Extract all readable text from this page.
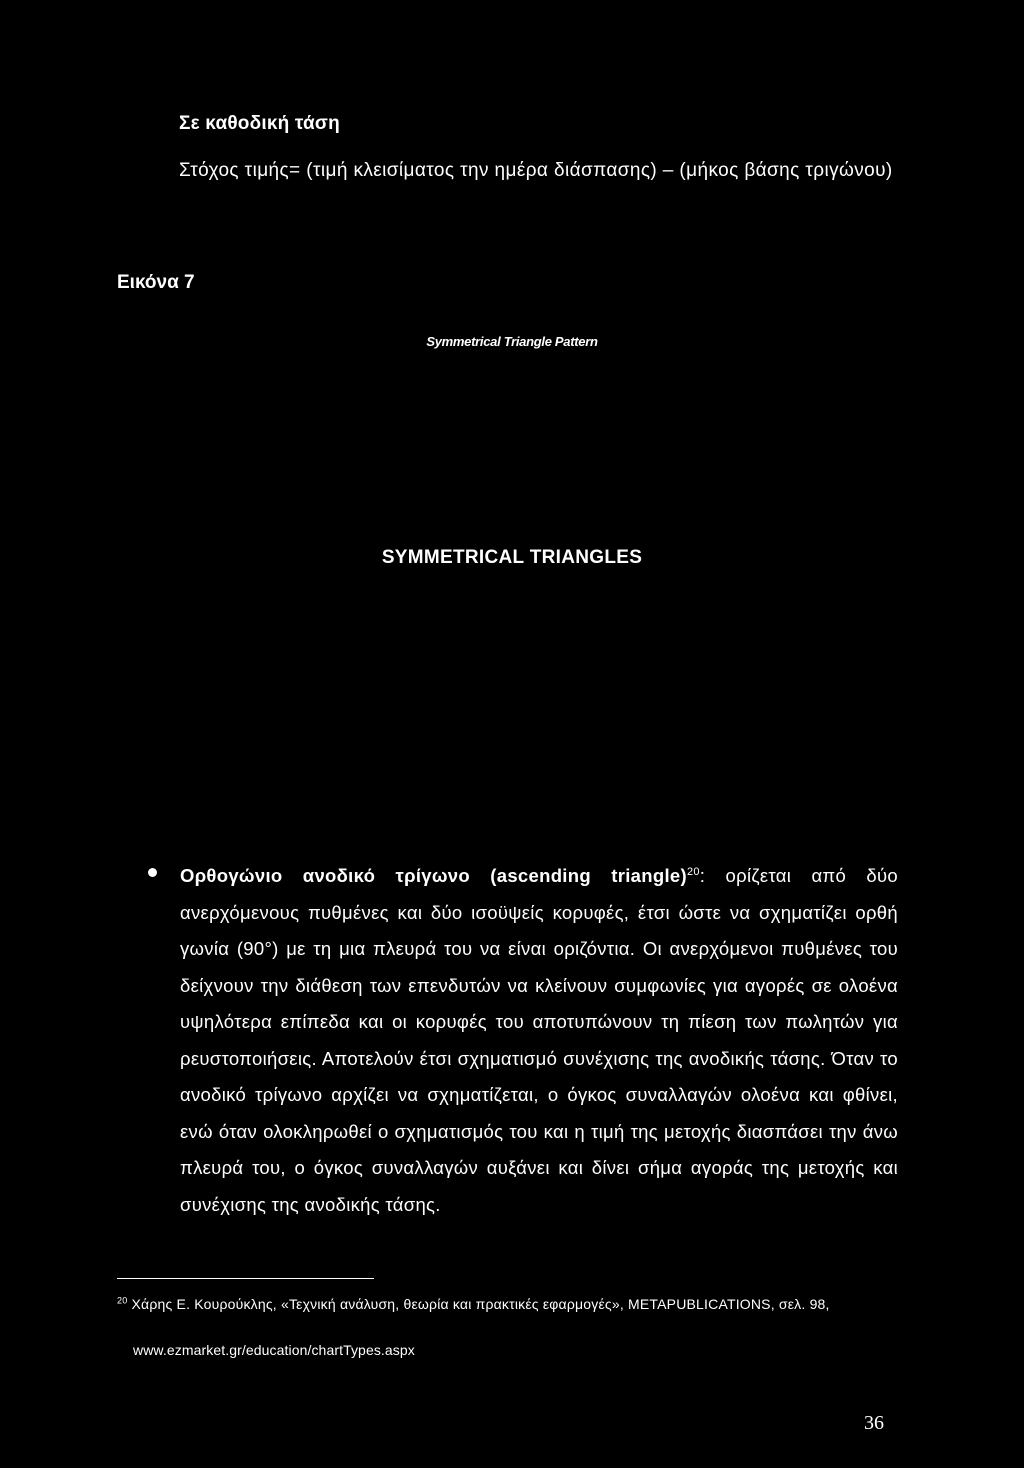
Σε καθοδική τάση
Στόχος τιμής= (τιμή κλεισίματος την ημέρα διάσπασης) – (μήκος βάσης τριγώνου)
Εικόνα 7
Symmetrical Triangle Pattern
SYMMETRICAL TRIANGLES
Ορθογώνιο ανοδικό τρίγωνο (ascending triangle)$^{20}$: ορίζεται από δύο ανερχόμενους πυθμένες και δύο ισοϋψείς κορυφές, έτσι ώστε να σχηματίζει ορθή γωνία (90°) με τη μια πλευρά του να είναι οριζόντια. Οι ανερχόμενοι πυθμένες του δείχνουν την διάθεση των επενδυτών να κλείνουν συμφωνίες για αγορές σε ολοένα υψηλότερα επίπεδα και οι κορυφές του αποτυπώνουν τη πίεση των πωλητών για ρευστοποιήσεις. Αποτελούν έτσι σχηματισμό συνέχισης της ανοδικής τάσης. Όταν το ανοδικό τρίγωνο αρχίζει να σχηματίζεται, ο όγκος συναλλαγών ολοένα και φθίνει, ενώ όταν ολοκληρωθεί ο σχηματισμός του και η τιμή της μετοχής διασπάσει την άνω πλευρά του, ο όγκος συναλλαγών αυξάνει και δίνει σήμα αγοράς της μετοχής και συνέχισης της ανοδικής τάσης.
$^{20}$ Χάρης Ε. Κουρούκλης, «Τεχνική ανάλυση, θεωρία και πρακτικές εφαρμογές», METAPUBLICATIONS, σελ. 98,
www.ezmarket.gr/education/chartTypes.aspx
36
